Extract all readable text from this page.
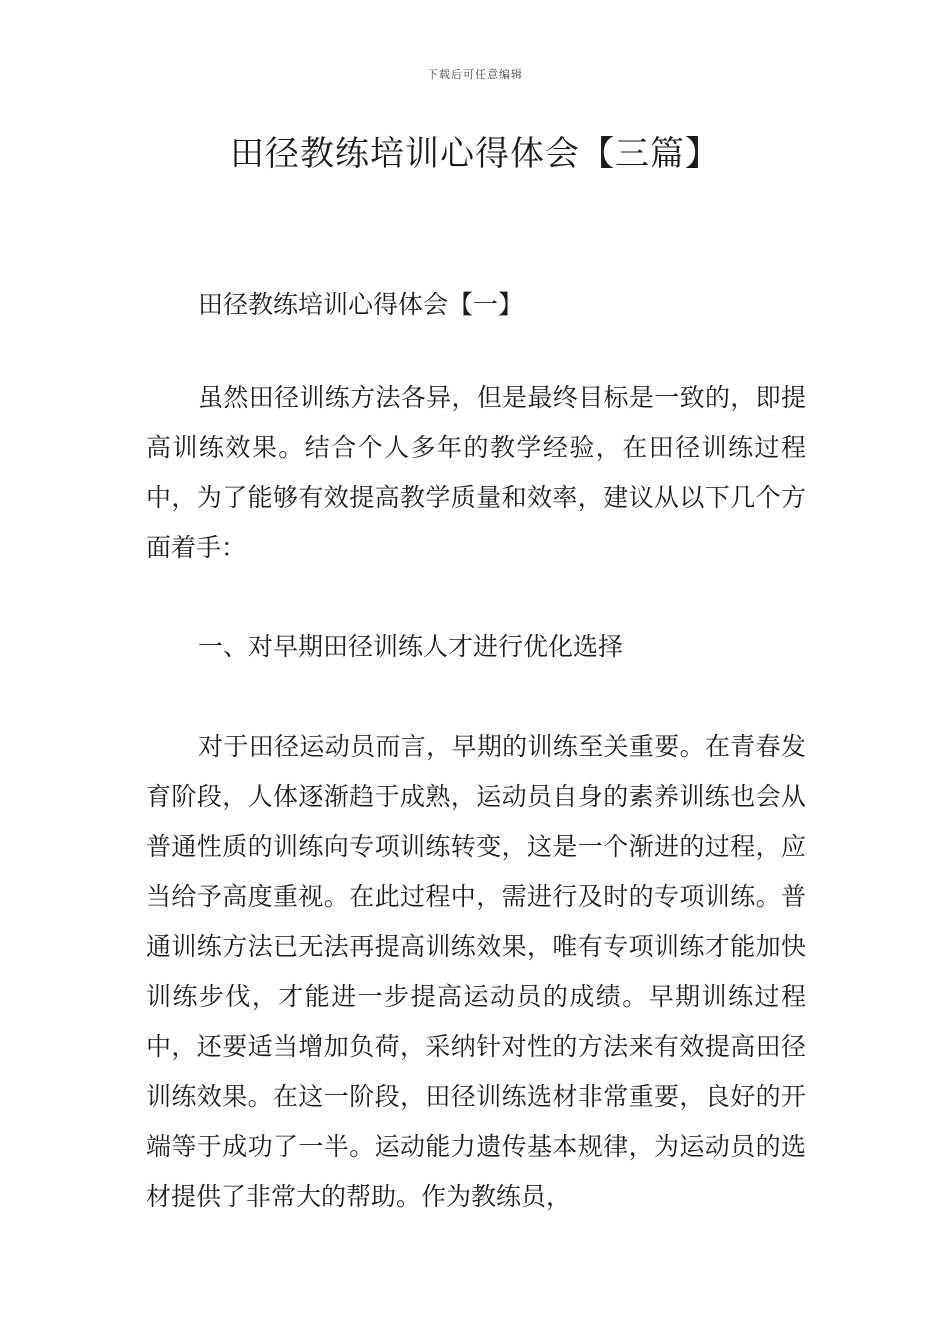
下载后可任意编辑
田径教练培训心得体会【三篇】

田径教练培训心得体会【一】

虽然田径训练方法各异，但是最终目标是一致的，即提高训练效果。结合个人多年的教学经验，在田径训练过程中，为了能够有效提高教学质量和效率，建议从以下几个方面着手：

一、对早期田径训练人才进行优化选择

对于田径运动员而言，早期的训练至关重要。在青春发育阶段，人体逐渐趋于成熟，运动员自身的素养训练也会从普通性质的训练向专项训练转变，这是一个渐进的过程，应当给予高度重视。在此过程中，需进行及时的专项训练。普通训练方法已无法再提高训练效果，唯有专项训练才能加快训练步伐，才能进一步提高运动员的成绩。早期训练过程中，还要适当增加负荷，采纳针对性的方法来有效提高田径训练效果。在这一阶段，田径训练选材非常重要，良好的开端等于成功了一半。运动能力遗传基本规律，为运动员的选材提供了非常大的帮助。作为教练员，
